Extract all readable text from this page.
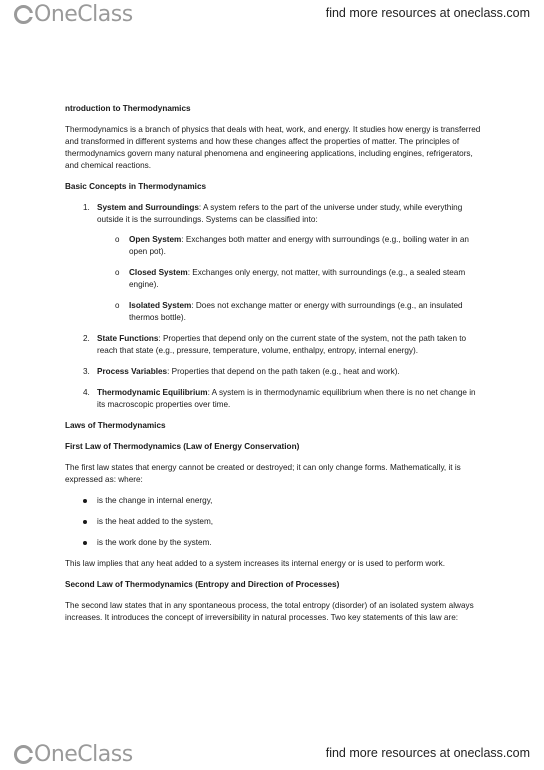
OneClass	find more resources at oneclass.com
ntroduction to Thermodynamics

Thermodynamics is a branch of physics that deals with heat, work, and energy. It studies how energy is transferred and transformed in different systems and how these changes affect the properties of matter. The principles of thermodynamics govern many natural phenomena and engineering applications, including engines, refrigerators, and chemical reactions.

Basic Concepts in Thermodynamics
1. System and Surroundings: A system refers to the part of the universe under study, while everything outside it is the surroundings. Systems can be classified into:
o Open System: Exchanges both matter and energy with surroundings (e.g., boiling water in an open pot).
o Closed System: Exchanges only energy, not matter, with surroundings (e.g., a sealed steam engine).
o Isolated System: Does not exchange matter or energy with surroundings (e.g., an insulated thermos bottle).
2. State Functions: Properties that depend only on the current state of the system, not the path taken to reach that state (e.g., pressure, temperature, volume, enthalpy, entropy, internal energy).
3. Process Variables: Properties that depend on the path taken (e.g., heat and work).
4. Thermodynamic Equilibrium: A system is in thermodynamic equilibrium when there is no net change in its macroscopic properties over time.
Laws of Thermodynamics
First Law of Thermodynamics (Law of Energy Conservation)

The first law states that energy cannot be created or destroyed; it can only change forms. Mathematically, it is expressed as: where:

is the change in internal energy,
is the heat added to the system,
is the work done by the system.

This law implies that any heat added to a system increases its internal energy or is used to perform work.

Second Law of Thermodynamics (Entropy and Direction of Processes)

The second law states that in any spontaneous process, the total entropy (disorder) of an isolated system always increases. It introduces the concept of irreversibility in natural processes. Two key statements of this law are:

OneClass	find more resources at oneclass.com
